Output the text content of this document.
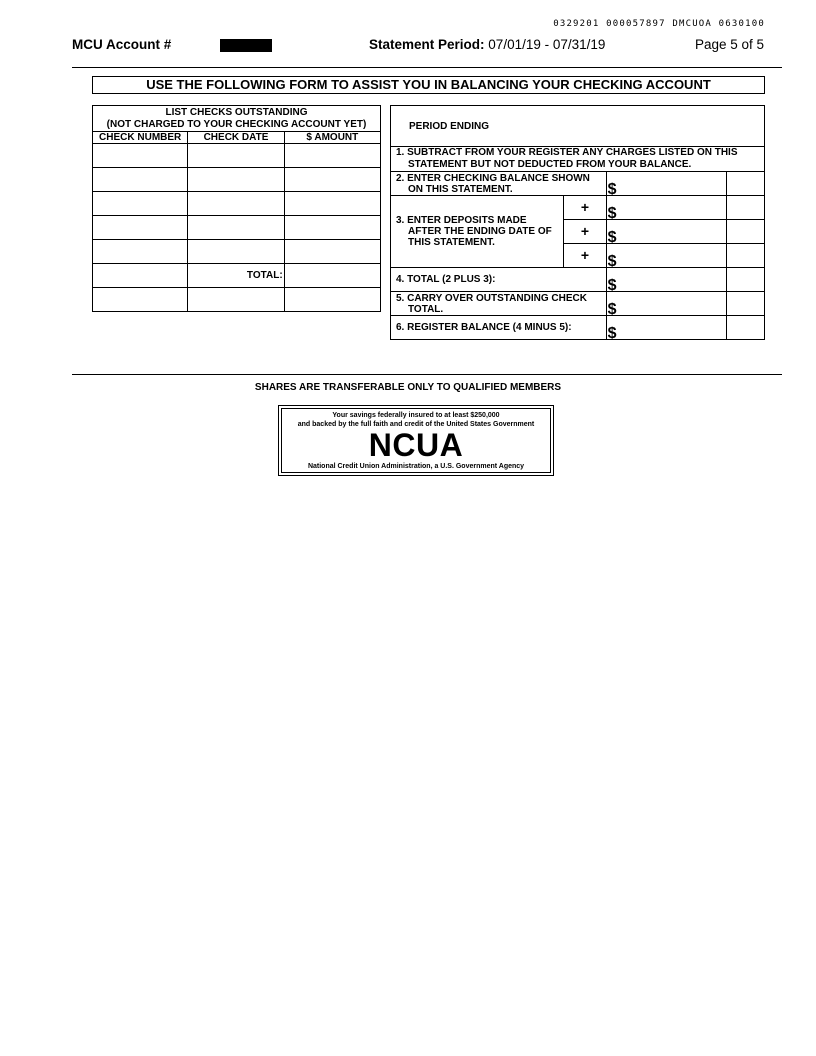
0329201 000057897 DMCUOA 0630100
MCU Account #	Statement Period: 07/01/19 - 07/31/19	Page 5 of 5
USE THE FOLLOWING FORM TO ASSIST YOU IN BALANCING YOUR CHECKING ACCOUNT
LIST CHECKS OUTSTANDING
(NOT CHARGED TO YOUR CHECKING ACCOUNT YET)		

CHECK NUMBER	CHECK DATE	$ AMOUNT

	TOTAL:	

PERIOD ENDING			

1. SUBTRACT FROM YOUR REGISTER ANY CHARGES LISTED ON THIS
STATEMENT BUT NOT DEDUCTED FROM YOUR BALANCE.			

2. ENTER CHECKING BALANCE SHOWN
ON THIS STATEMENT.		$	

3. ENTER DEPOSITS MADE
AFTER THE ENDING DATE OFTHIS STATEMENT.	+	$	
	+	$	
	+	$	
4. TOTAL (2 PLUS 3):		$	

5. CARRY OVER OUTSTANDING CHECK
TOTAL.		$	
6. REGISTER BALANCE (4 MINUS 5):		$	
SHARES ARE TRANSFERABLE ONLY TO QUALIFIED MEMBERS
Your savings federally insured to at least $250,000
and backed by the full faith and credit of the United States Government
NCUA
National Credit Union Administration, a U.S. Government Agency
